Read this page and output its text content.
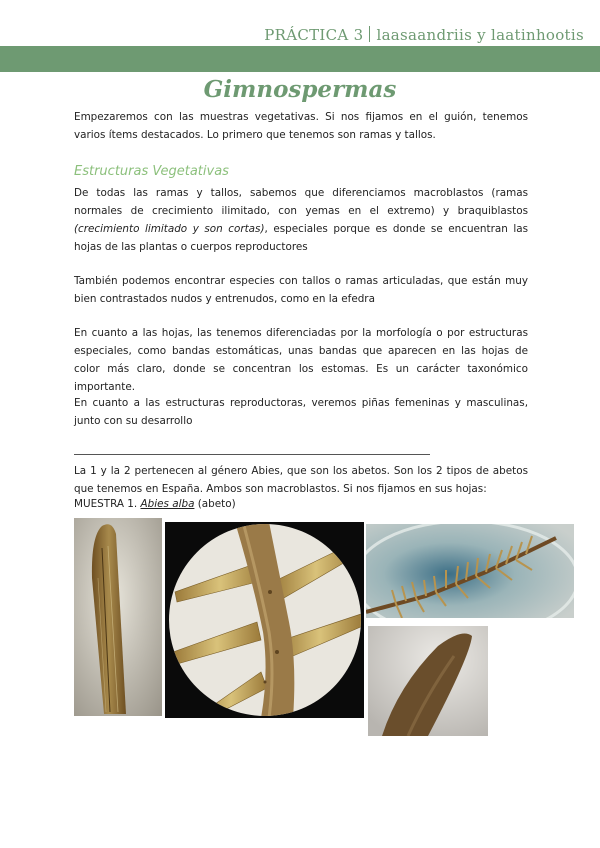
PRÁCTICA 3 laasaandriis y laatinhootis
Gimnospermas
Empezaremos con las muestras vegetativas. Si nos fijamos en el guión, tenemos varios ítems destacados. Lo primero que tenemos son ramas y tallos.
Estructuras Vegetativas
De todas las ramas y tallos, sabemos que diferenciamos macroblastos (ramas normales de crecimiento ilimitado, con yemas en el extremo) y braquiblastos (crecimiento limitado y son cortas), especiales porque es donde se encuentran las hojas de las plantas o cuerpos reproductores
También podemos encontrar especies con tallos o ramas articuladas, que están muy bien contrastados nudos y entrenudos, como en la efedra
En cuanto a las hojas, las tenemos diferenciadas por la morfología o por estructuras especiales, como bandas estomáticas, unas bandas que aparecen en las hojas de color más claro, donde se concentran los estomas. Es un carácter taxonómico importante.
En cuanto a las estructuras reproductoras, veremos piñas femeninas y masculinas, junto con su desarrollo
La 1 y la 2 pertenecen al género Abies, que son los abetos. Son los 2 tipos de abetos que tenemos en España. Ambos son macroblastos. Si nos fijamos en sus hojas:
MUESTRA 1. Abies alba (abeto)
